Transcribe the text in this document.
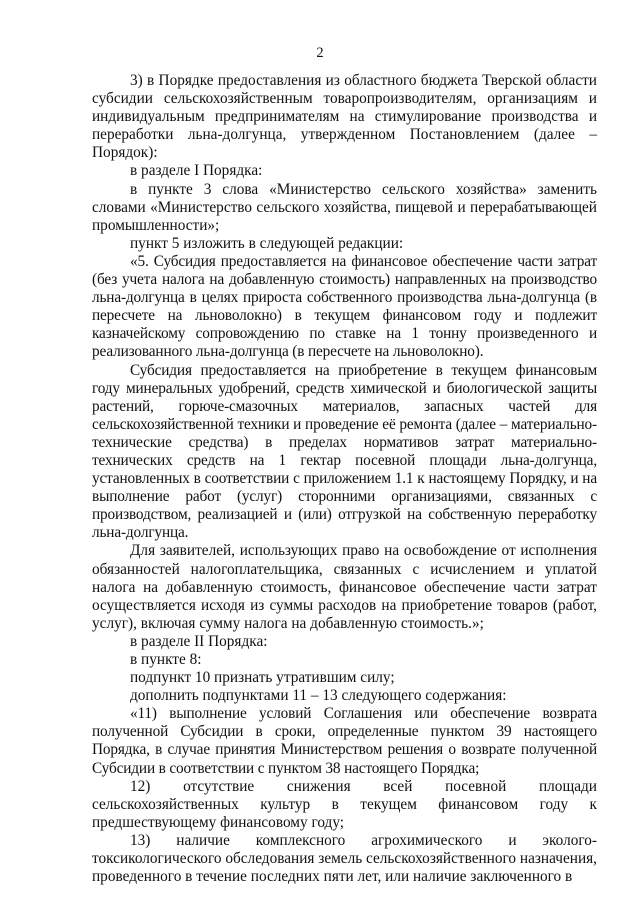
2

3) в Порядке предоставления из областного бюджета Тверской области субсидии сельскохозяйственным товаропроизводителям, организациям и индивидуальным предпринимателям на стимулирование производства и переработки льна-долгунца, утвержденном Постановлением (далее – Порядок):

в разделе I Порядка:

в пункте 3 слова «Министерство сельского хозяйства» заменить словами «Министерство сельского хозяйства, пищевой и перерабатывающей промышленности»;

пункт 5 изложить в следующей редакции:

«5. Субсидия предоставляется на финансовое обеспечение части затрат (без учета налога на добавленную стоимость) направленных на производство льна-долгунца в целях прироста собственного производства льна-долгунца (в пересчете на льноволокно) в текущем финансовом году и подлежит казначейскому сопровождению по ставке на 1 тонну произведенного и реализованного льна-долгунца (в пересчете на льноволокно).

Субсидия предоставляется на приобретение в текущем финансовым году минеральных удобрений, средств химической и биологической защиты растений, горюче-смазочных материалов, запасных частей для сельскохозяйственной техники и проведение её ремонта (далее – материально-технические средства) в пределах нормативов затрат материально-технических средств на 1 гектар посевной площади льна-долгунца, установленных в соответствии с приложением 1.1 к настоящему Порядку, и на выполнение работ (услуг) сторонними организациями, связанных с производством, реализацией и (или) отгрузкой на собственную переработку льна-долгунца.

Для заявителей, использующих право на освобождение от исполнения обязанностей налогоплательщика, связанных с исчислением и уплатой налога на добавленную стоимость, финансовое обеспечение части затрат осуществляется исходя из суммы расходов на приобретение товаров (работ, услуг), включая сумму налога на добавленную стоимость.»;

в разделе II Порядка:

в пункте 8:

подпункт 10 признать утратившим силу;

дополнить подпунктами 11 – 13 следующего содержания:

«11) выполнение условий Соглашения или обеспечение возврата полученной Субсидии в сроки, определенные пунктом 39 настоящего Порядка, в случае принятия Министерством решения о возврате полученной Субсидии в соответствии с пунктом 38 настоящего Порядка;

12) отсутствие снижения всей посевной площади сельскохозяйственных культур в текущем финансовом году к предшествующему финансовому году;

13) наличие комплексного агрохимического и эколого-токсикологического обследования земель сельскохозяйственного назначения, проведенного в течение последних пяти лет, или наличие заключенного в
